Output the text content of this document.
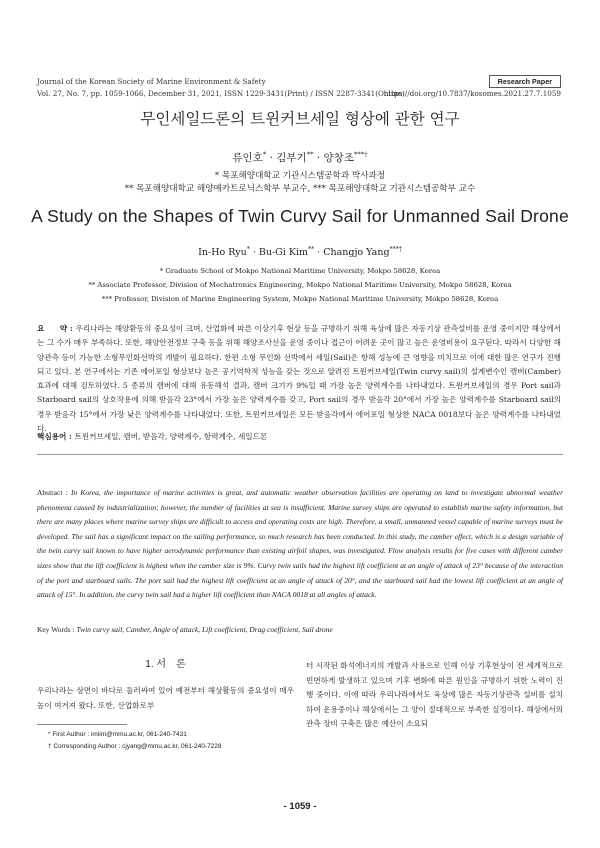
Journal of the Korean Society of Marine Environment & Safety	Research Paper
Vol. 27, No. 7, pp. 1059-1066, December 31, 2021, ISSN 1229-3431(Print) / ISSN 2287-3341(Online)
https://doi.org/10.7837/kosomes.2021.27.7.1059
무인세일드론의 트윈커브세일 형상에 관한 연구
류인호* · 김부기** · 양창조***†
* 목포해양대학교 기관시스템공학과 박사과정
** 목포해양대학교 해양메카트로닉스학부 부교수, *** 목포해양대학교 기관시스템공학부 교수
A Study on the Shapes of Twin Curvy Sail for Unmanned Sail Drone
In-Ho Ryu* · Bu-Gi Kim** · Changjo Yang***†
* Graduate School of Mokpo National Maritime University, Mokpo 58628, Korea
** Associate Professor, Division of Mechatronics Engineering, Mokpo National Maritime University, Mokpo 58628, Korea
*** Professor, Division of Marine Engineering System, Mokpo National Maritime University, Mokpo 58628, Korea
요　　약 : 우리나라는 해양환동의 중요성이 크며, 산업화에 따른 이상기후 현상 등을 규명하기 위해 육상에 많은 자동기상 관측설비를 운영 중이지만 해상에서는 그 수가 매우 부족하다. 또한, 해양안전정보 구축 등을 위해 해양조사선을 운영 중이나 접근이 어려운 곳이 많고 높은 운영비용이 요구된다. 따라서 다양한 해양관측 등이 가능한 소형무인화선박의 개발이 필요하다. 한편 소형 무인화 선박에서 세일(Sail)은 항해 성능에 큰 영향을 미치므로 이에 대한 많은 연구가 진행되고 있다. 본 연구에서는 기존 에어포일 형상보다 높은 공기역학적 성능을 갖는 것으로 알려진 트윈커브세일(Twin curvy sail)의 설계변수인 캠버(Camber)효과에 대해 검토하였다. 5 종류의 캠버에 대해 유동해석 결과, 캠버 크기가 9%일 때 가장 높은 양력계수를 나타내었다. 트윈커브세일의 경우 Port sail과 Starboard sail의 상호작용에 의해 받음각 23°에서 가장 높은 양력계수를 갖고, Port sail의 경우 받음각 20°에서 가장 높은 양력계수를 Starboard sail의 경우 받음각 15°에서 가장 낮은 양력계수를 나타내었다. 또한, 트윈커브세일은 모든 받음각에서 에어포일 형상한 NACA 0018보다 높은 양력계수를 나타내었다.
핵심용어 : 트윈커브세일, 캠버, 받음각, 양력계수, 항력계수, 세일드론
Abstract : In Korea, the importance of marine activities is great, and automatic weather observation facilities are operating on land to investigate abnormal weather phenomena caused by industrialization; however, the number of facilities at sea is insufficient. Marine survey ships are operated to establish marine safety information, but there are many places where marine survey ships are difficult to access and operating costs are high. Therefore, a small, unmanned vessel capable of marine surveys must be developed. The sail has a significant impact on the sailing performance, so much research has been conducted. In this study, the camber effect, which is a design variable of the twin curvy sail known to have higher aerodynamic performance than existing airfoil shapes, was investigated. Flow analysis results for five cases with different camber sizes show that the lift coefficient is highest when the camber size is 9%. Curvy twin sails had the highest lift coefficient at an angle of attack of 23° because of the interaction of the port and starboard sails. The port sail had the highest lift coefficient at an angle of attack of 20°, and the starboard sail had the lowest lift coefficient at an angle of attack of 15°. In addition, the curvy twin sail had a higher lift coefficient than NACA 0018 at all angles of attack.
Key Words : Twin curvy sail, Camber, Angle of attack, Lift coefficient, Drag coefficient, Sail drone
1. 서　론
우리나라는 삼면이 바다로 둘러싸여 있어 예전부터 해상활동의 중요성이 매우 높이 여겨져 왔다. 또한, 산업화로부
터 시작된 화석에너지의 개발과 사용으로 인해 이상 기후현상이 전 세계적으로 빈번하게 발생하고 있으며 기후 변화에 따른 원인을 규명하기 위한 노력이 진행 중이다. 이에 따라 우리나라에서도 육상에 많은 자동기상관측 설비를 설치하여 운용중이나 해상에서는 그 양이 절대적으로 부족한 실정이다. 해상에서의 관측 장비 구축은 많은 예산이 소요되
* First Author : imiim@mmu.ac.kr, 061-240-7431
† Corresponding Author : cjyang@mmu.ac.kr, 061-240-7228
- 1059 -
